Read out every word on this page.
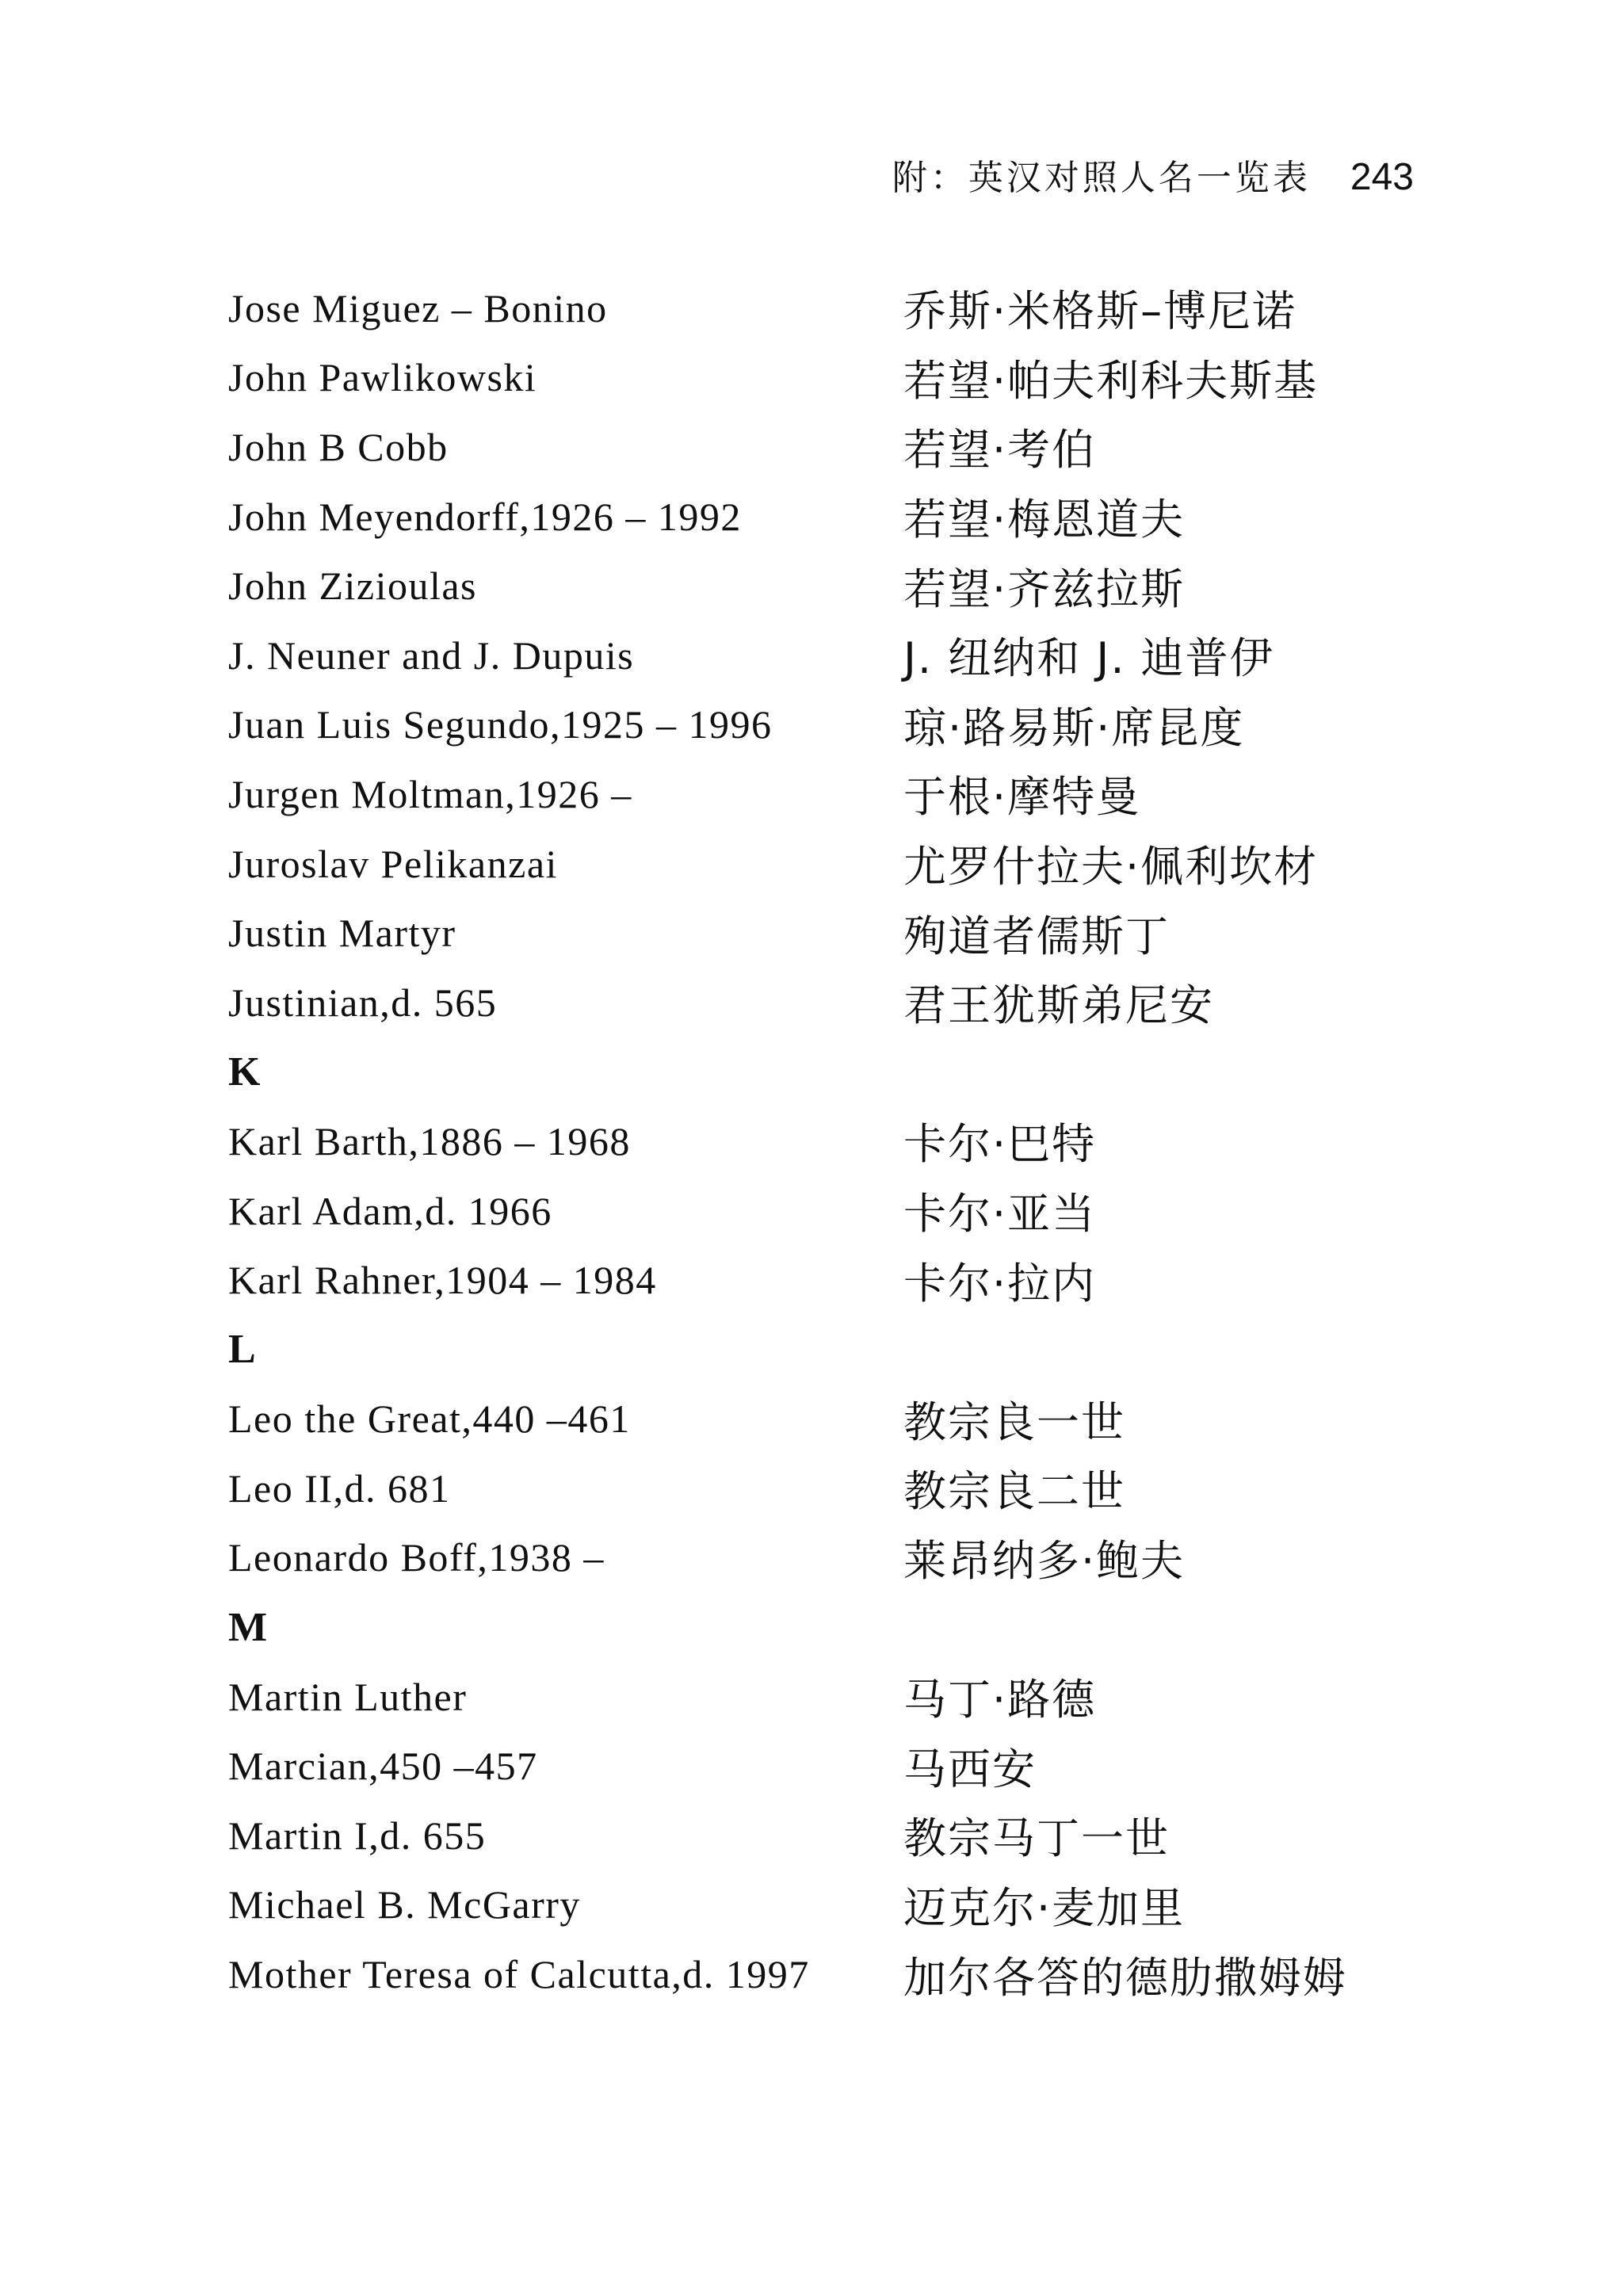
附：英汉对照人名一览表 243
Jose Miguez – Bonino	乔斯·米格斯–博尼诺
John Pawlikowski	若望·帕夫利科夫斯基
John B Cobb	若望·考伯
John Meyendorff,1926 – 1992	若望·梅恩道夫
John Zizioulas	若望·齐兹拉斯
J. Neuner and J. Dupuis	J. 纽纳和 J. 迪普伊
Juan Luis Segundo,1925 – 1996	琼·路易斯·席昆度
Jurgen Moltman,1926 –	于根·摩特曼
Juroslav Pelikanzai	尤罗什拉夫·佩利坎材
Justin Martyr	殉道者儒斯丁
Justinian,d. 565	君王犹斯弟尼安
K
Karl Barth,1886 – 1968	卡尔·巴特
Karl Adam,d. 1966	卡尔·亚当
Karl Rahner,1904 – 1984	卡尔·拉内
L
Leo the Great,440 –461	教宗良一世
Leo II,d. 681	教宗良二世
Leonardo Boff,1938 –	莱昂纳多·鲍夫
M
Martin Luther	马丁·路德
Marcian,450 –457	马西安
Martin I,d. 655	教宗马丁一世
Michael B. McGarry	迈克尔·麦加里
Mother Teresa of Calcutta,d. 1997	加尔各答的德肋撒姆姆
